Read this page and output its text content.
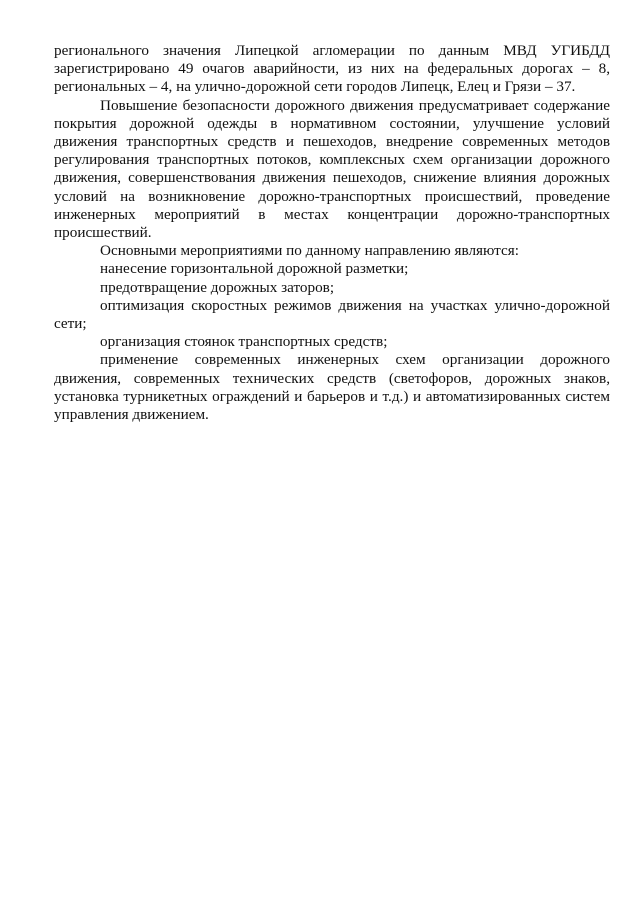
регионального значения Липецкой агломерации по данным МВД УГИБДД зарегистрировано 49 очагов аварийности, из них на федеральных дорогах – 8, региональных – 4, на улично-дорожной сети городов Липецк, Елец и Грязи – 37.

Повышение безопасности дорожного движения предусматривает содержание покрытия дорожной одежды в нормативном состоянии, улучшение условий движения транспортных средств и пешеходов, внедрение современных методов регулирования транспортных потоков, комплексных схем организации дорожного движения, совершенствования движения пешеходов, снижение влияния дорожных условий на возникновение дорожно-транспортных происшествий, проведение инженерных мероприятий в местах концентрации дорожно-транспортных происшествий.

Основными мероприятиями по данному направлению являются:

нанесение горизонтальной дорожной разметки;

предотвращение дорожных заторов;

оптимизация скоростных режимов движения на участках улично-дорожной сети;

организация стоянок транспортных средств;

применение современных инженерных схем организации дорожного движения, современных технических средств (светофоров, дорожных знаков, установка турникетных ограждений и барьеров и т.д.) и автоматизированных систем управления движением.
